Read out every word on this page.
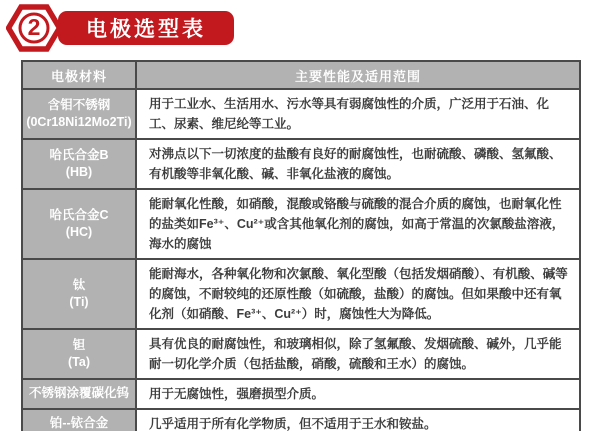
电极选型表
2
电极材料	主要性能及适用范围

含钼不锈钢
(0Cr18Ni12Mo2Ti)	用于工业水、生活用水、污水等具有弱腐蚀性的介质，广泛用于石油、化工、尿素、维尼纶等工业。

哈氏合金B
(HB)	对沸点以下一切浓度的盐酸有良好的耐腐蚀性，也耐硫酸、磷酸、氢氟酸、有机酸等非氧化酸、碱、非氧化盐液的腐蚀。

哈氏合金C
(HC)	能耐氧化性酸，如硝酸，混酸或铬酸与硫酸的混合介质的腐蚀，也耐氧化性的盐类如Fe³⁺、Cu²⁺或含其他氧化剂的腐蚀，如高于常温的次氯酸盐溶液，海水的腐蚀

钛
(Ti)	能耐海水，各种氧化物和次氯酸、氧化型酸（包括发烟硝酸）、有机酸、碱等的腐蚀，不耐较纯的还原性酸（如硫酸，盐酸）的腐蚀。但如果酸中还有氧化剂（如硝酸、Fe³⁺、Cu²⁺）时，腐蚀性大为降低。

钽
(Ta)	具有优良的耐腐蚀性，和玻璃相似，除了氢氟酸、发烟硫酸、碱外，几乎能耐一切化学介质（包括盐酸，硝酸，硫酸和王水）的腐蚀。

不锈钢涂覆碳化钨	用于无腐蚀性，强磨损型介质。

铂--铱合金	几乎适用于所有化学物质，但不适用于王水和铵盐。
